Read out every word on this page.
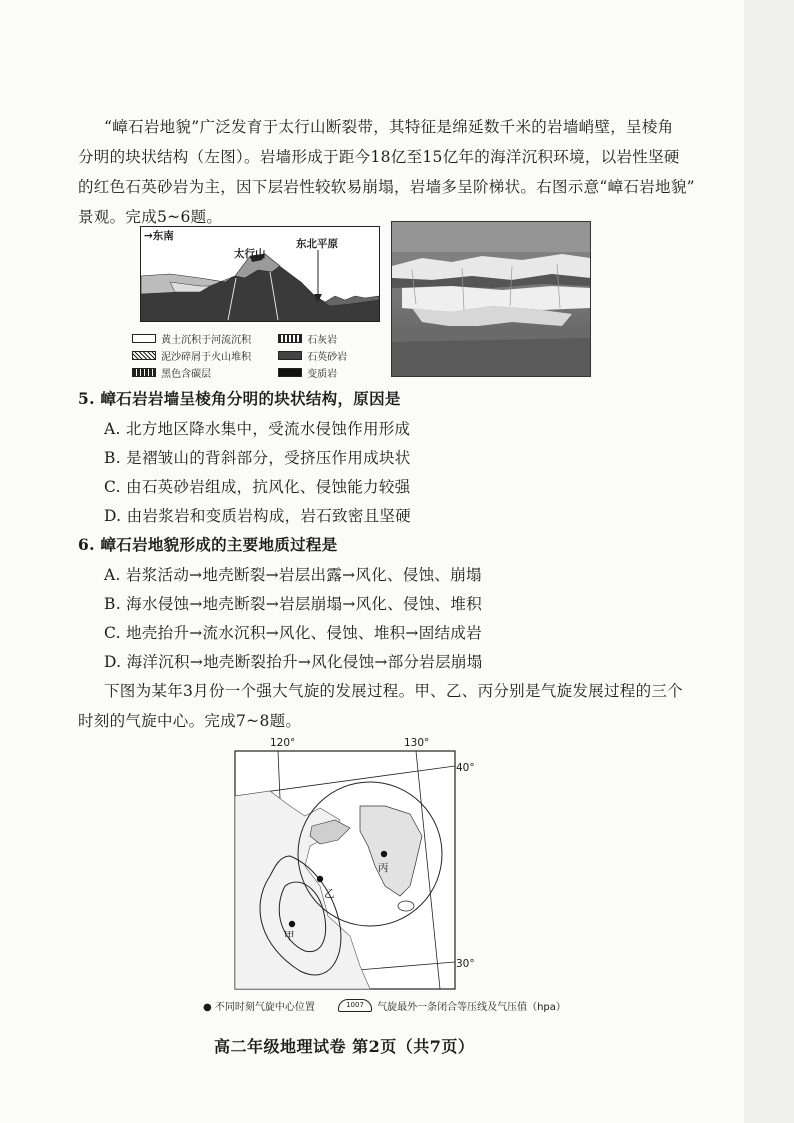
“嶂石岩地貌”广泛发育于太行山断裂带，其特征是绵延数千米的岩墙峭壁，呈棱角
分明的块状结构（左图）。岩墙形成于距今18亿至15亿年的海洋沉积环境，以岩性坚硬
的红色石英砂岩为主，因下层岩性较软易崩塌，岩墙多呈阶梯状。右图示意“嶂石岩地貌”
景观。完成5~6题。
→东南
太行山
东北平原
黄土沉积于河流沉积	石灰岩
泥沙碎屑于火山堆积	石英砂岩
黑色含碳层	变质岩
5. 嶂石岩岩墙呈棱角分明的块状结构，原因是
A. 北方地区降水集中，受流水侵蚀作用形成
B. 是褶皱山的背斜部分，受挤压作用成块状
C. 由石英砂岩组成，抗风化、侵蚀能力较强
D. 由岩浆岩和变质岩构成，岩石致密且坚硬
6. 嶂石岩地貌形成的主要地质过程是
A. 岩浆活动→地壳断裂→岩层出露→风化、侵蚀、崩塌
B. 海水侵蚀→地壳断裂→岩层崩塌→风化、侵蚀、堆积
C. 地壳抬升→流水沉积→风化、侵蚀、堆积→固结成岩
D. 海洋沉积→地壳断裂抬升→风化侵蚀→部分岩层崩塌
下图为某年3月份一个强大气旋的发展过程。甲、乙、丙分别是气旋发展过程的三个
时刻的气旋中心。完成7~8题。
120°	130°
40°
30°
甲
乙
丙
● 不同时刻气旋中心位置	1007 气旋最外一条闭合等压线及气压值（hpa）
高二年级地理试卷 第2页（共7页）
